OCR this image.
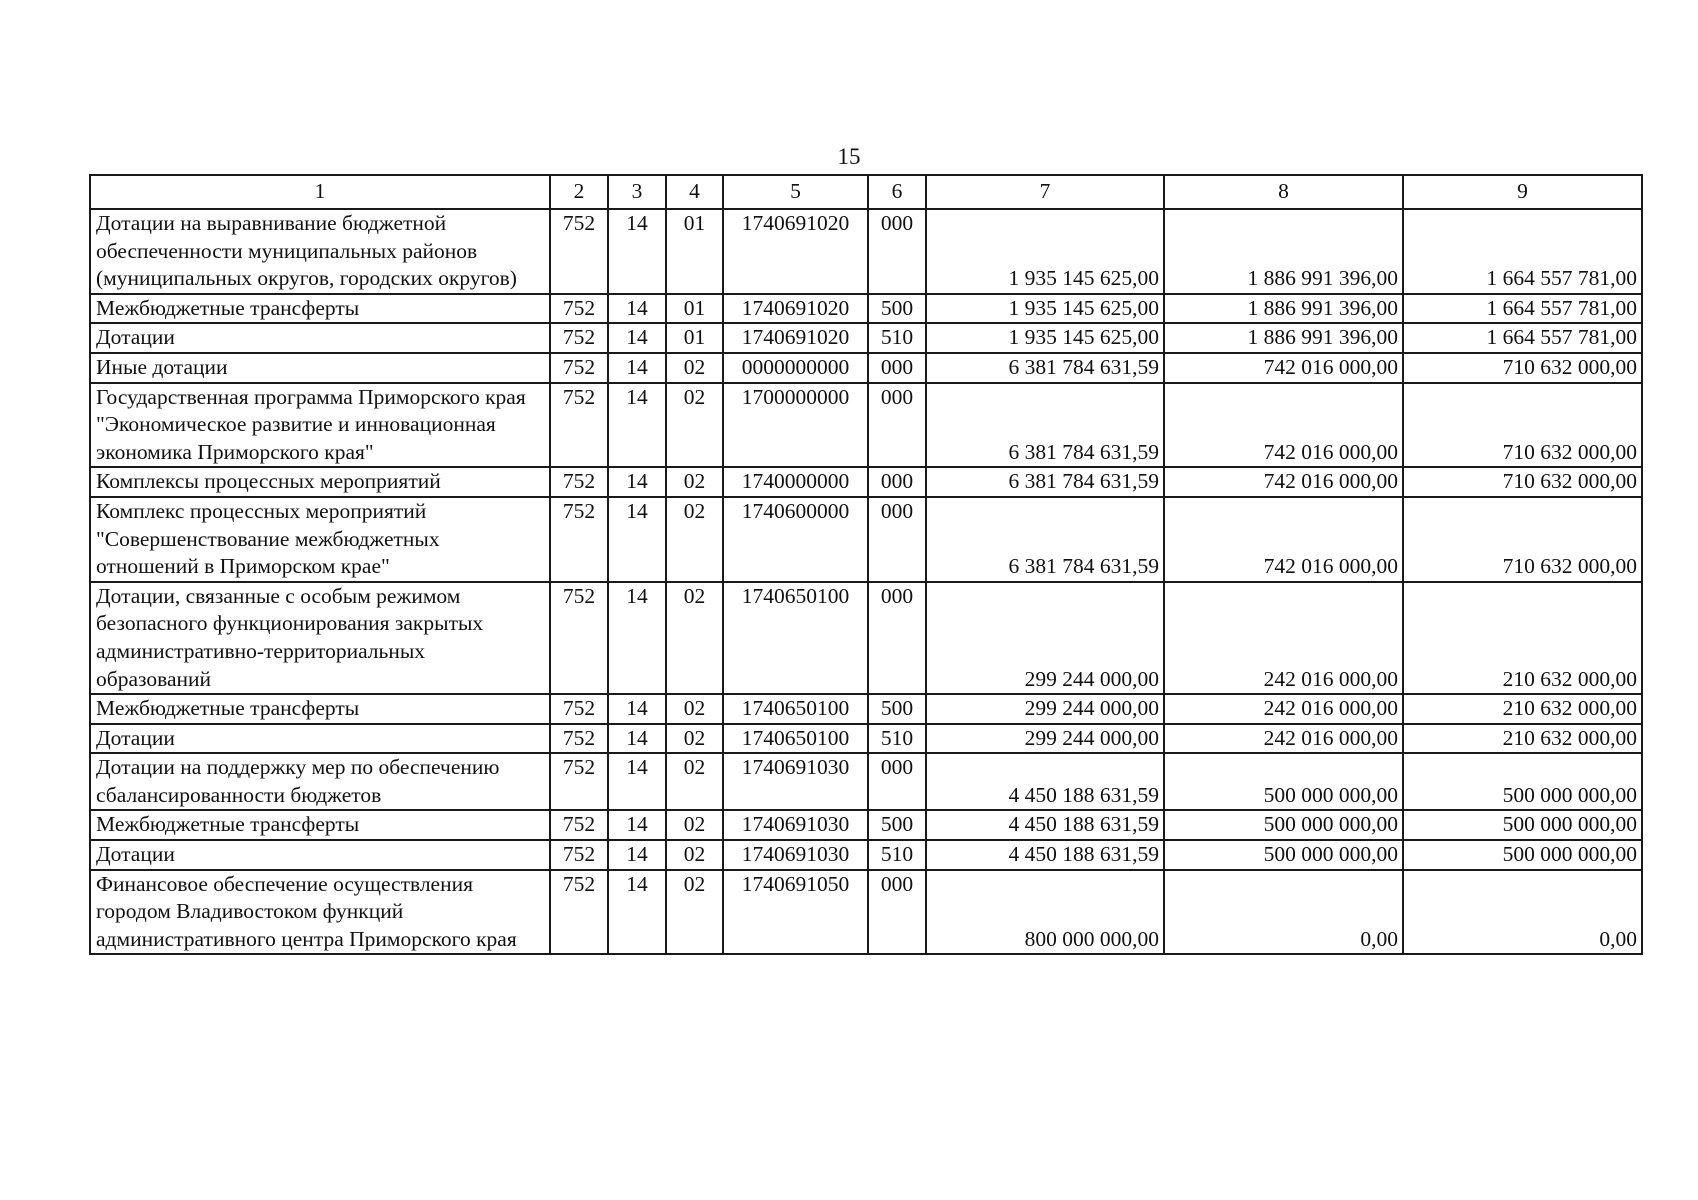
15
1	2	3	4	5	6	7	8	9
Дотации на выравнивание бюджетной обеспеченности муниципальных районов (муниципальных округов, городских округов)	752	14	01	1740691020	000	1 935 145 625,00	1 886 991 396,00	1 664 557 781,00
Межбюджетные трансферты	752	14	01	1740691020	500	1 935 145 625,00	1 886 991 396,00	1 664 557 781,00
Дотации	752	14	01	1740691020	510	1 935 145 625,00	1 886 991 396,00	1 664 557 781,00
Иные дотации	752	14	02	0000000000	000	6 381 784 631,59	742 016 000,00	710 632 000,00
Государственная программа Приморского края "Экономическое развитие и инновационная экономика Приморского края"	752	14	02	1700000000	000	6 381 784 631,59	742 016 000,00	710 632 000,00
Комплексы процессных мероприятий	752	14	02	1740000000	000	6 381 784 631,59	742 016 000,00	710 632 000,00
Комплекс процессных мероприятий "Совершенствование межбюджетных отношений в Приморском крае"	752	14	02	1740600000	000	6 381 784 631,59	742 016 000,00	710 632 000,00
Дотации, связанные с особым режимом безопасного функционирования закрытых административно-территориальных образований	752	14	02	1740650100	000	299 244 000,00	242 016 000,00	210 632 000,00
Межбюджетные трансферты	752	14	02	1740650100	500	299 244 000,00	242 016 000,00	210 632 000,00
Дотации	752	14	02	1740650100	510	299 244 000,00	242 016 000,00	210 632 000,00
Дотации на поддержку мер по обеспечению сбалансированности бюджетов	752	14	02	1740691030	000	4 450 188 631,59	500 000 000,00	500 000 000,00
Межбюджетные трансферты	752	14	02	1740691030	500	4 450 188 631,59	500 000 000,00	500 000 000,00
Дотации	752	14	02	1740691030	510	4 450 188 631,59	500 000 000,00	500 000 000,00
Финансовое обеспечение осуществления городом Владивостоком функций административного центра Приморского края	752	14	02	1740691050	000	800 000 000,00	0,00	0,00
